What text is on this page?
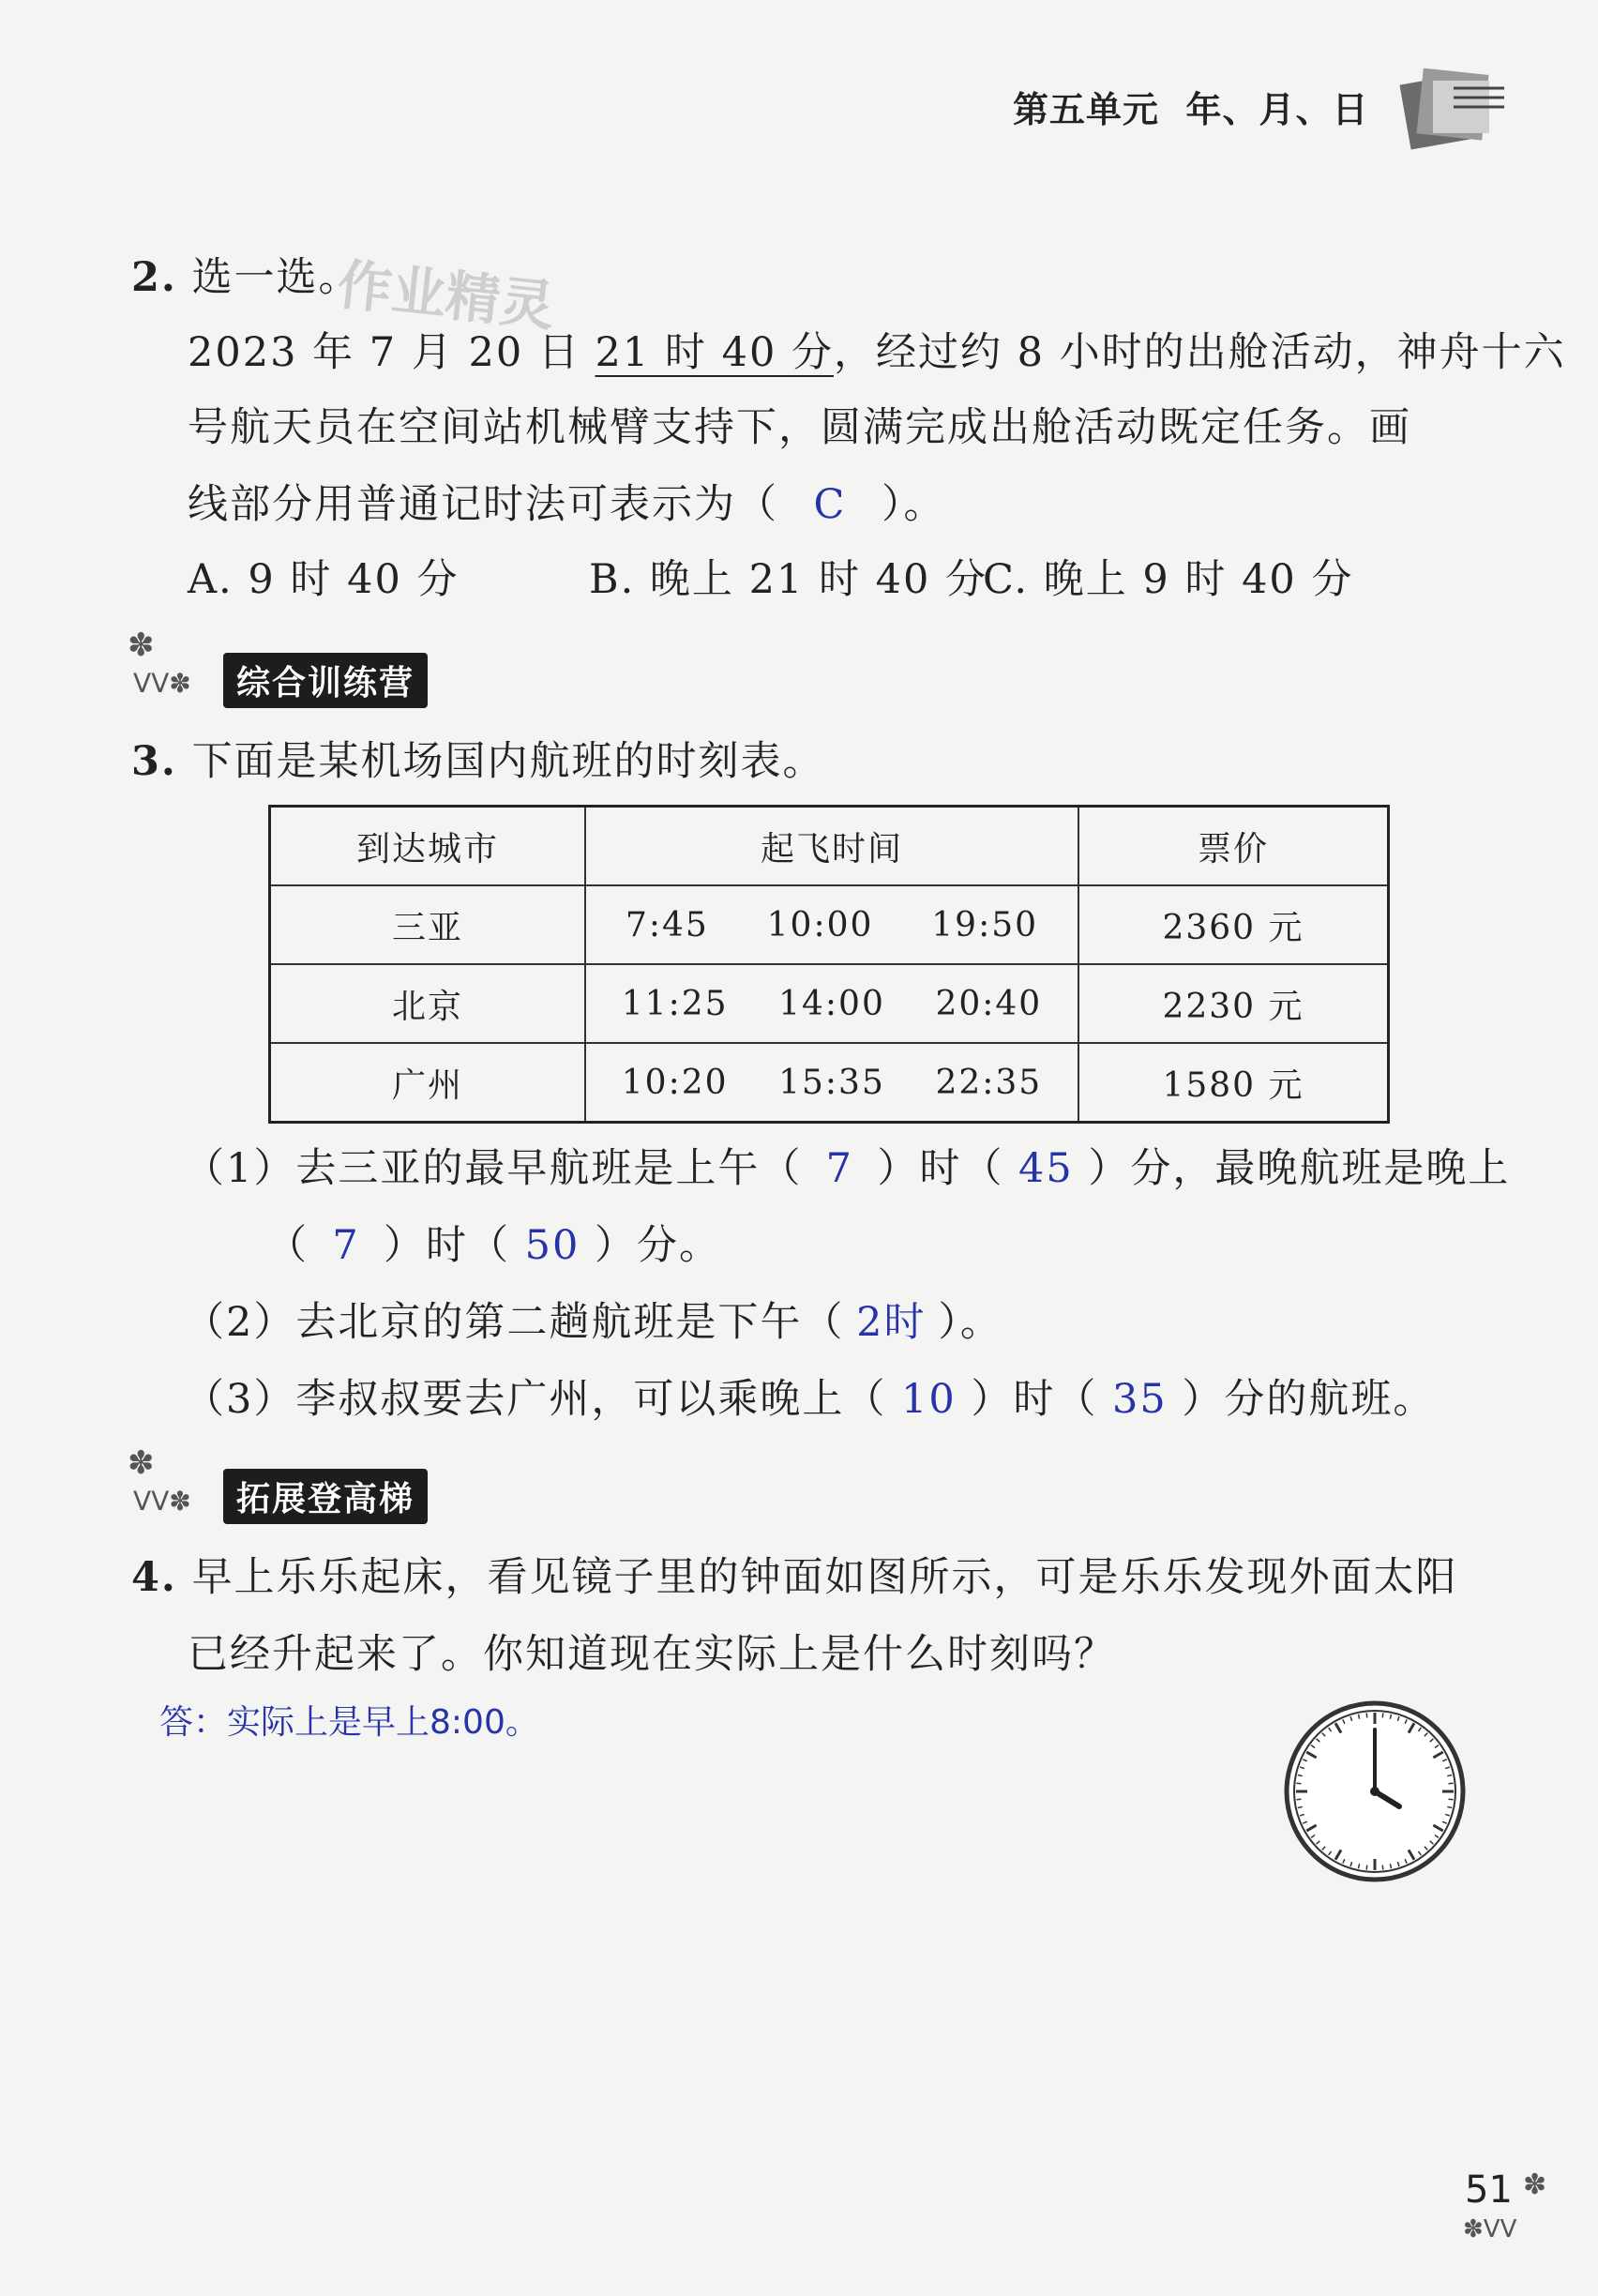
第五单元  年、月、日
作业精灵
2. 选一选。
2023 年 7 月 20 日 21 时 40 分，经过约 8 小时的出舱活动，神舟十六
号航天员在空间站机械臂支持下，圆满完成出舱活动既定任务。画
线部分用普通记时法可表示为（ C ）。
A. 9 时 40 分	B. 晚上 21 时 40 分
C. 晚上 9 时 40 分
✽
ᐯᐯ✽	综合训练营
3. 下面是某机场国内航班的时刻表。
到达城市	起飞时间	票价
三亚	7:45 10:00 19:50	2360 元
北京	11:25 14:00 20:40	2230 元
广州	10:20 15:35 22:35	1580 元
（1）去三亚的最早航班是上午（ 7 ）时（ 45 ）分，最晚航班是晚上
（ 7 ）时（ 50 ）分。
（2）去北京的第二趟航班是下午（ 2时 ）。
（3）李叔叔要去广州，可以乘晚上（ 10 ）时（ 35 ）分的航班。
✽
ᐯᐯ✽	拓展登高梯
4. 早上乐乐起床，看见镜子里的钟面如图所示，可是乐乐发现外面太阳
已经升起来了。你知道现在实际上是什么时刻吗？
答：实际上是早上8:00。
51 ✽
✽ᐯᐯ
